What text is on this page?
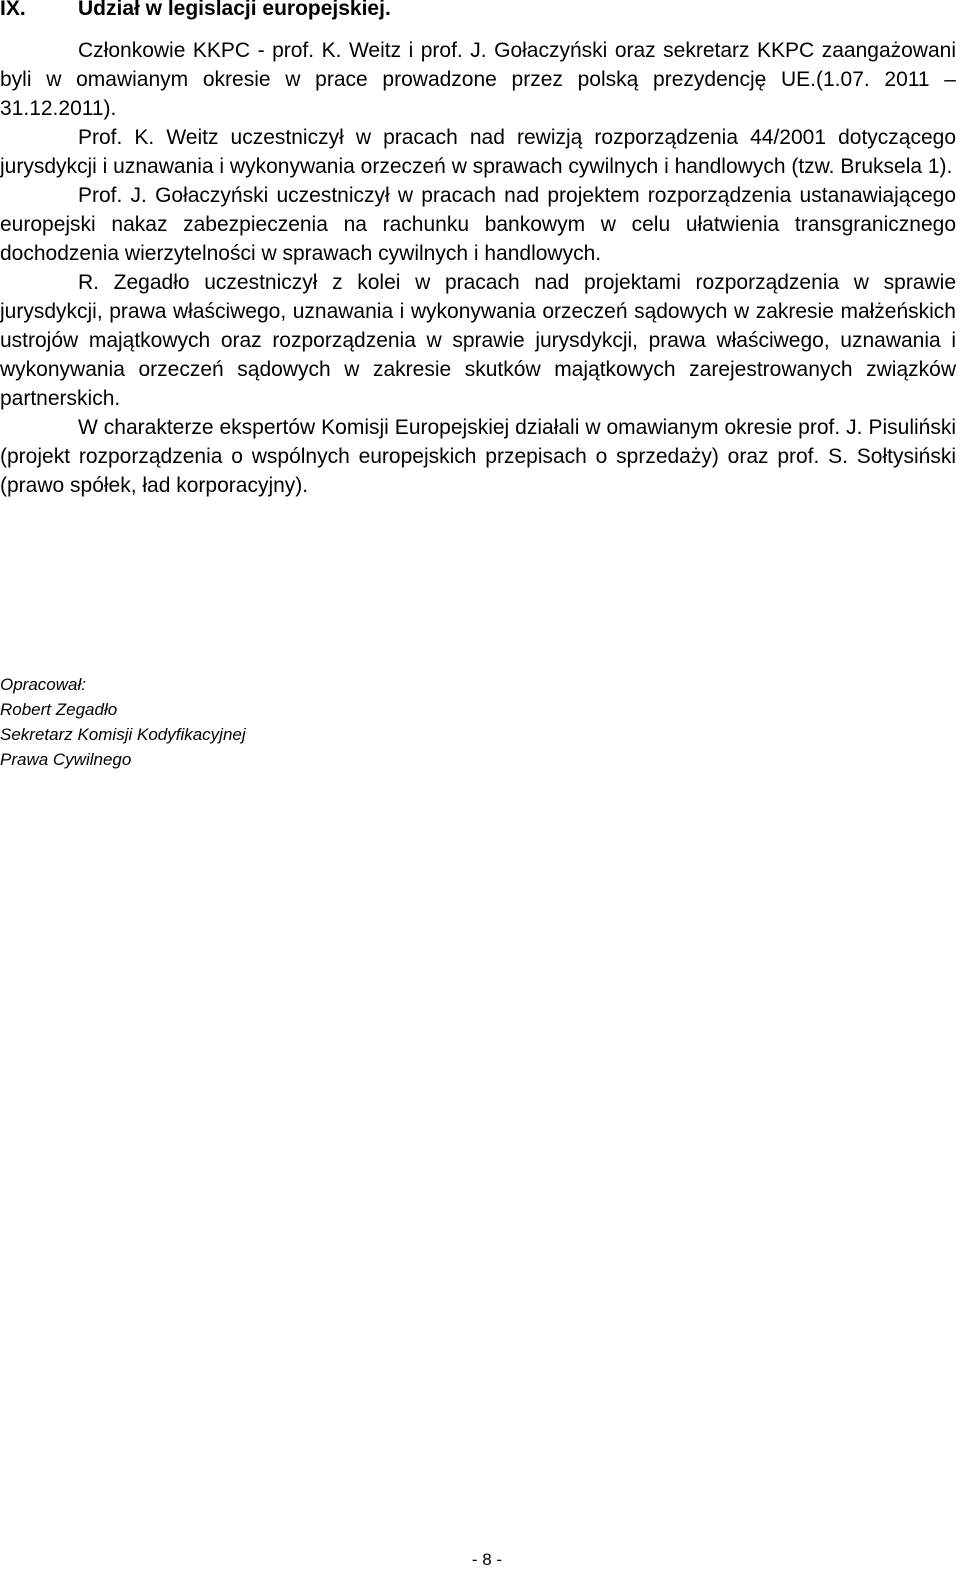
IX. Udział w legislacji europejskiej.

Członkowie KKPC - prof. K. Weitz i prof. J. Gołaczyński oraz sekretarz KKPC zaangażowani byli w omawianym okresie w prace prowadzone przez polską prezydencję UE.(1.07. 2011 – 31.12.2011).

Prof. K. Weitz uczestniczył w pracach nad rewizją rozporządzenia 44/2001 dotyczącego jurysdykcji i uznawania i wykonywania orzeczeń w sprawach cywilnych i handlowych (tzw. Bruksela 1).

Prof. J. Gołaczyński uczestniczył w pracach nad projektem rozporządzenia ustanawiającego europejski nakaz zabezpieczenia na rachunku bankowym w celu ułatwienia transgranicznego dochodzenia wierzytelności w sprawach cywilnych i handlowych.

R. Zegadło uczestniczył z kolei w pracach nad projektami rozporządzenia w sprawie jurysdykcji, prawa właściwego, uznawania i wykonywania orzeczeń sądowych w zakresie małżeńskich ustrojów majątkowych oraz rozporządzenia w sprawie jurysdykcji, prawa właściwego, uznawania i wykonywania orzeczeń sądowych w zakresie skutków majątkowych zarejestrowanych związków partnerskich.

W charakterze ekspertów Komisji Europejskiej działali w omawianym okresie prof. J. Pisuliński (projekt rozporządzenia o wspólnych europejskich przepisach o sprzedaży) oraz prof. S. Sołtysiński (prawo spółek, ład korporacyjny).

Opracował:
Robert Zegadło
Sekretarz Komisji Kodyfikacyjnej
Prawa Cywilnego
- 8 -
